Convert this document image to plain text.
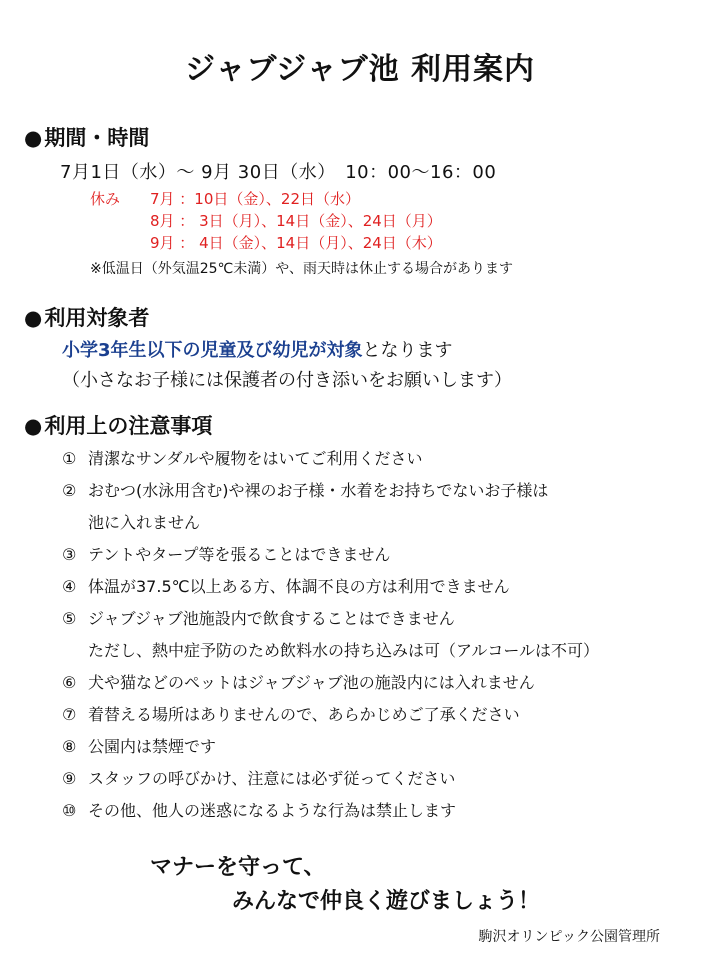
ジャブジャブ池 利用案内
●期間・時間
7月1日（水）～ 9月 30日（水）　10：00～16：00
休み 7月 ：10日（金）、22日（水）
8月 ： 3日（月）、14日（金）、24日（月）
9月 ： 4日（金）、14日（月）、24日（木）
※低温日（外気温25℃未満）や、雨天時は休止する場合があります
●利用対象者
小学3年生以下の児童及び幼児が対象となります
（小さなお子様には保護者の付き添いをお願いします）
●利用上の注意事項
① 清潔なサンダルや履物をはいてご利用ください
② おむつ(水泳用含む)や裸のお子様・水着をお持ちでないお子様は
池に入れません
③ テントやタープ等を張ることはできません
④ 体温が37.5℃以上ある方、体調不良の方は利用できません
⑤ ジャブジャブ池施設内で飲食することはできません
ただし、熱中症予防のため飲料水の持ち込みは可（アルコールは不可）
⑥ 犬や猫などのペットはジャブジャブ池の施設内には入れません
⑦ 着替える場所はありませんので、あらかじめご了承ください
⑧ 公園内は禁煙です
⑨ スタッフの呼びかけ、注意には必ず従ってください
⑩ その他、他人の迷惑になるような行為は禁止します
マナーを守って、
みんなで仲良く遊びましょう！
駒沢オリンピック公園管理所
